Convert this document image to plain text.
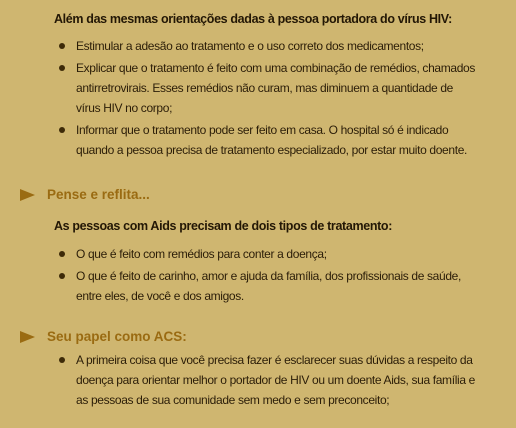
Além das mesmas orientações dadas à pessoa portadora do vírus HIV:
Estimular a adesão ao tratamento e o uso correto dos medicamentos;
Explicar que o tratamento é feito com uma combinação de remédios, chamados antirretrovirais. Esses remédios não curam, mas diminuem a quantidade de vírus HIV no corpo;
Informar que o tratamento pode ser feito em casa. O hospital só é indicado quando a pessoa precisa de tratamento especializado, por estar muito doente.
Pense e reflita...
As pessoas com Aids precisam de dois tipos de tratamento:
O que é feito com remédios para conter a doença;
O que é feito de carinho, amor e ajuda da família, dos profissionais de saúde, entre eles, de você e dos amigos.
Seu papel como ACS:
A primeira coisa que você precisa fazer é esclarecer suas dúvidas a respeito da doença para orientar melhor o portador de HIV ou um doente Aids, sua família e as pessoas de sua comunidade sem medo e sem preconceito;
